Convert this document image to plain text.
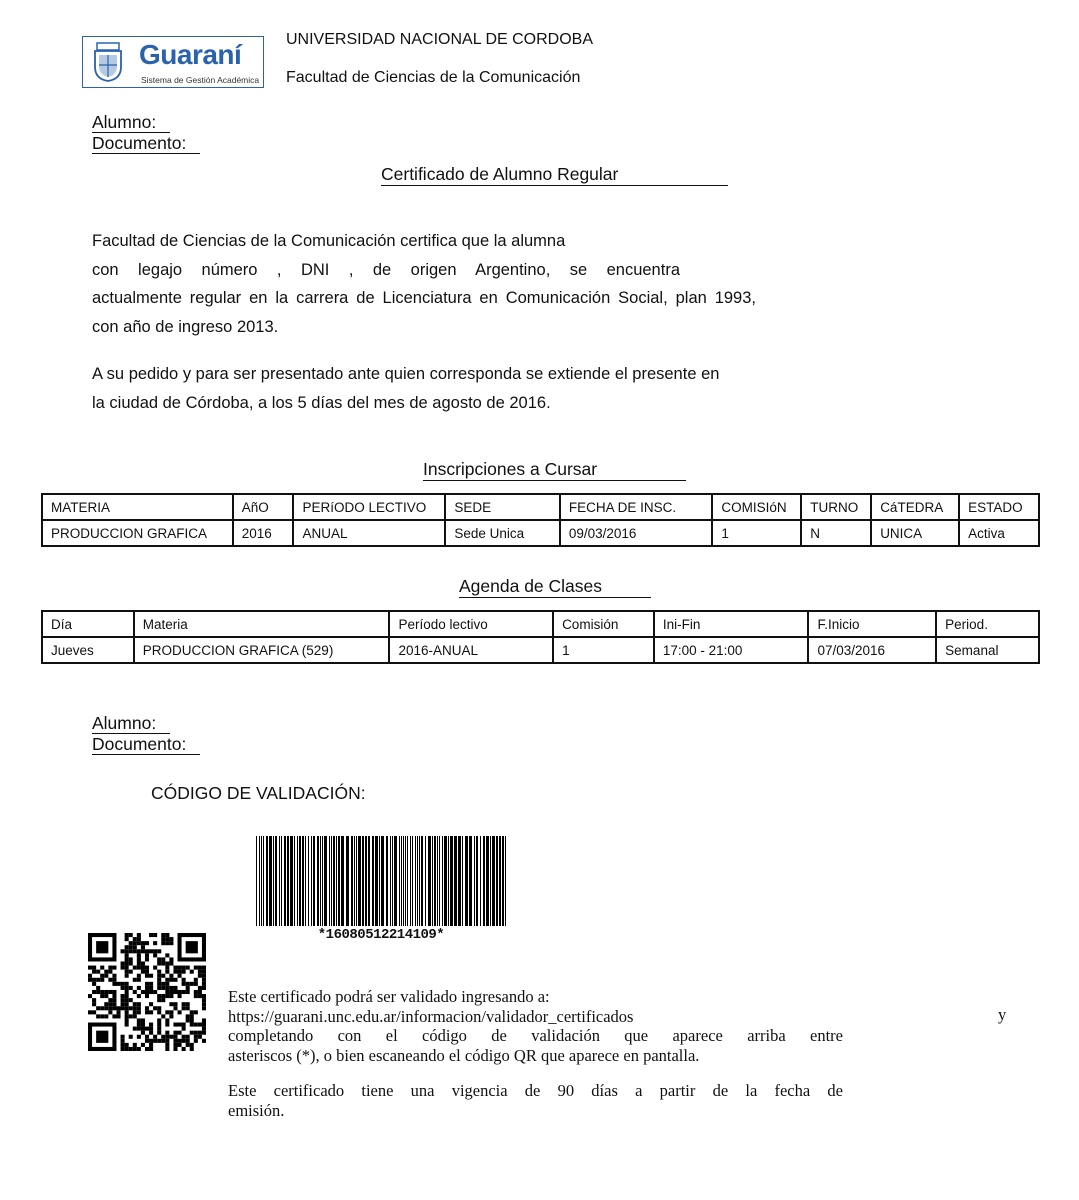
Guaraní
Sistema de Gestión Académica
UNIVERSIDAD NACIONAL DE CORDOBA
Facultad de Ciencias de la Comunicación
Alumno:
Documento:
Certificado de Alumno Regular
Facultad de Ciencias de la Comunicación certifica que la alumna
con legajo número , DNI , de origen Argentino, se encuentra
actualmente regular en la carrera de Licenciatura en Comunicación Social, plan 1993,
con año de ingreso 2013.
A su pedido y para ser presentado ante quien corresponda se extiende el presente en
la ciudad de Córdoba, a los 5 días del mes de agosto de 2016.
Inscripciones a Cursar
MATERIA	AñO	PERíODO LECTIVO	SEDE	FECHA DE INSC.	COMISIóN	TURNO	CáTEDRA	ESTADO
PRODUCCION GRAFICA	2016	ANUAL	Sede Unica	09/03/2016	1	N	UNICA	Activa
Agenda de Clases
Día	Materia	Período lectivo	Comisión	Ini-Fin	F.Inicio	Period.
Jueves	PRODUCCION GRAFICA (529)	2016-ANUAL	1	17:00 - 21:00	07/03/2016	Semanal
Alumno:
Documento:
CÓDIGO DE VALIDACIÓN:
*16080512214109*
Este certificado podrá ser validado ingresando a:
https://guarani.unc.edu.ar/informacion/validador_certificados
completando con el código de validación que aparece arriba entre
asteriscos (*), o bien escaneando el código QR que aparece en pantalla.
y
Este certificado tiene una vigencia de 90 días a partir de la fecha de
emisión.
